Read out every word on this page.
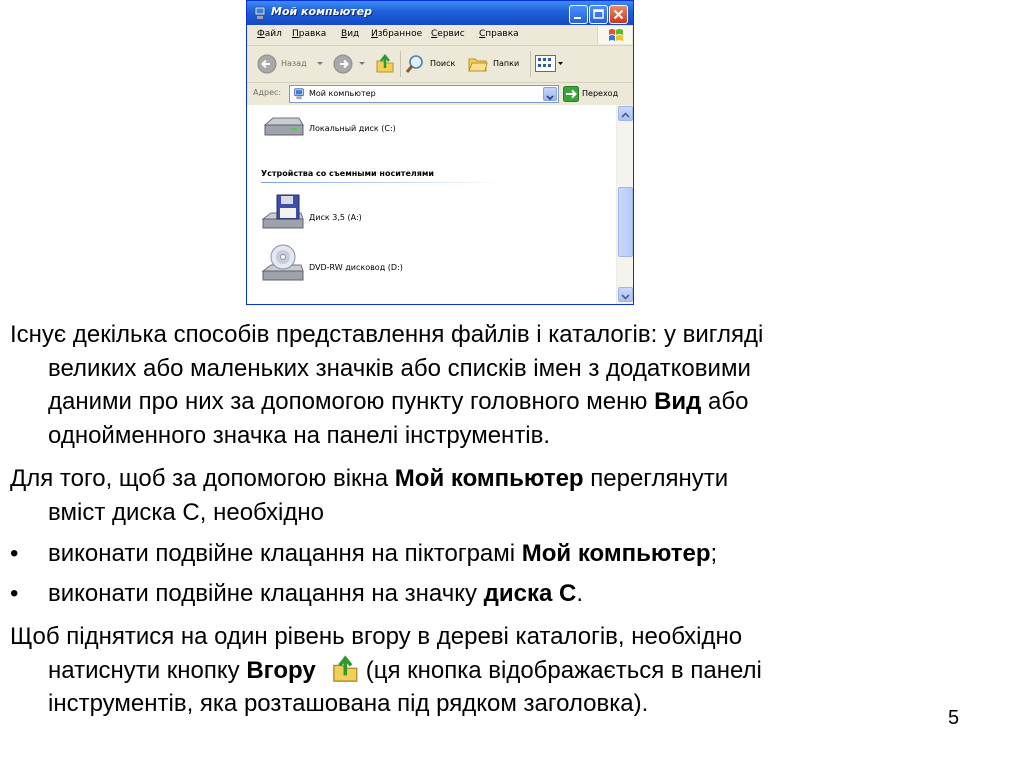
Мой компьютер
Файл Правка Вид Избранное Сервис Справка
Назад	Поиск	Папки
Адрес:	Мой компьютер	Переход
Локальный диск (C:)
Устройства со съемными носителями
Диск 3,5 (A:)
DVD-RW дисковод (D:)
Існує декілька способів представлення файлів і каталогів: у вигляді
великих або маленьких значків або списків імен з додатковими
даними про них за допомогою пункту головного меню Вид або
однойменного значка на панелі інструментів.
Для того, щоб за допомогою вікна Мой компьютер переглянути
вміст диска С, необхідно
• виконати подвійне клацання на піктограмі Мой компьютер;
• виконати подвійне клацання на значку диска С.
Щоб піднятися на один рівень вгору в дереві каталогів, необхідно
натиснути кнопку Вгору (ця кнопка відображається в панелі
інструментів, яка розташована під рядком заголовка).
5
